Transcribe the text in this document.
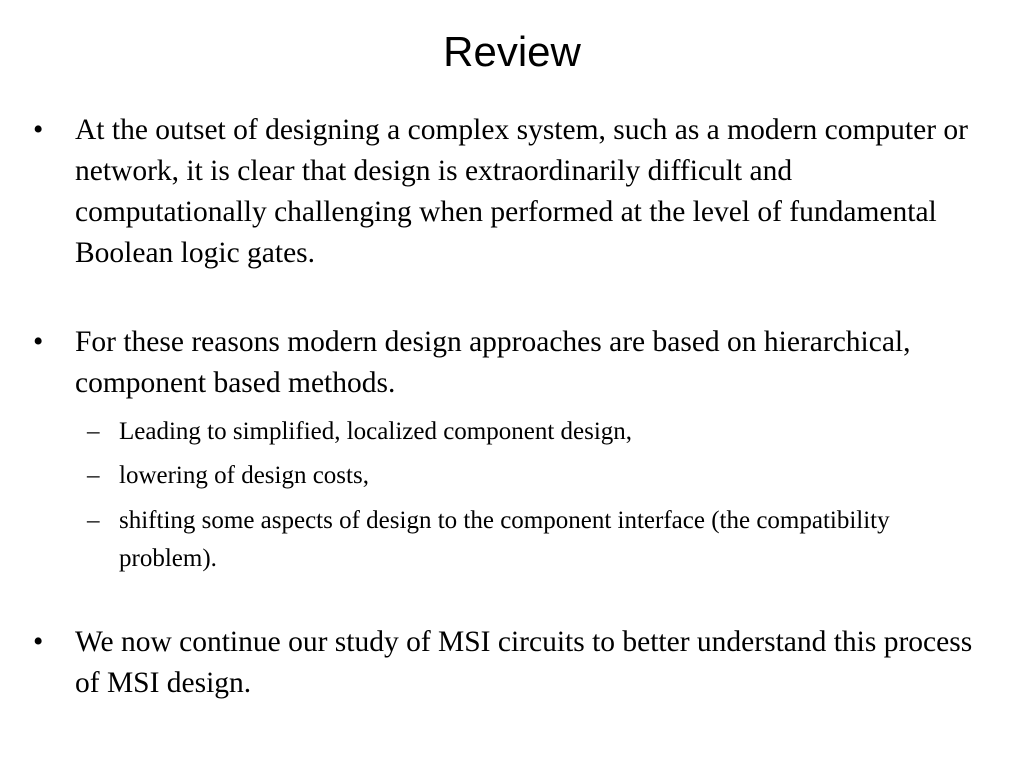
Review
• At the outset of designing a complex system, such as a modern computer or network, it is clear that design is extraordinarily difficult and computationally challenging when performed at the level of fundamental Boolean logic gates.
• For these reasons modern design approaches are based on hierarchical, component based methods.
– Leading to simplified, localized component design,
– lowering of design costs,
– shifting some aspects of design to the component interface (the compatibility problem).
• We now continue our study of MSI circuits to better understand this process of MSI design.
